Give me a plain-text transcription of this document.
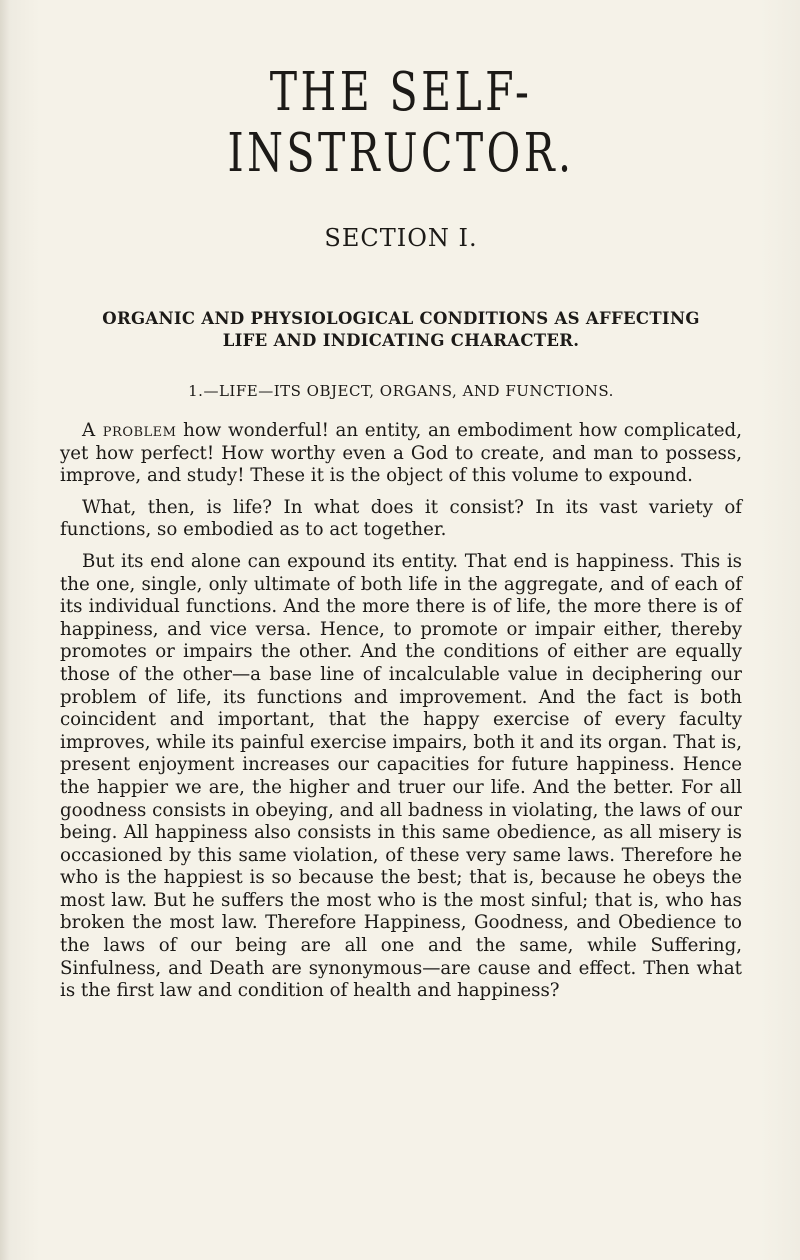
THE SELF-INSTRUCTOR.
SECTION I.
ORGANIC AND PHYSIOLOGICAL CONDITIONS AS AFFECTING LIFE AND INDICATING CHARACTER.
1.—LIFE—ITS OBJECT, ORGANS, AND FUNCTIONS.

A problem how wonderful! an entity, an embodiment how complicated, yet how perfect! How worthy even a God to create, and man to possess, improve, and study! These it is the object of this volume to expound.

What, then, is life? In what does it consist? In its vast variety of functions, so embodied as to act together.

But its end alone can expound its entity. That end is happiness. This is the one, single, only ultimate of both life in the aggregate, and of each of its individual functions. And the more there is of life, the more there is of happiness, and vice versa. Hence, to promote or impair either, thereby promotes or impairs the other. And the conditions of either are equally those of the other—a base line of incalculable value in deciphering our problem of life, its functions and improvement. And the fact is both coincident and important, that the happy exercise of every faculty improves, while its painful exercise impairs, both it and its organ. That is, present enjoyment increases our capacities for future happiness. Hence the happier we are, the higher and truer our life. And the better. For all goodness consists in obeying, and all badness in violating, the laws of our being. All happiness also consists in this same obedience, as all misery is occasioned by this same violation, of these very same laws. Therefore he who is the happiest is so because the best; that is, because he obeys the most law. But he suffers the most who is the most sinful; that is, who has broken the most law. Therefore Happiness, Goodness, and Obedience to the laws of our being are all one and the same, while Suffering, Sinfulness, and Death are synonymous—are cause and effect. Then what is the first law and condition of health and happiness?
